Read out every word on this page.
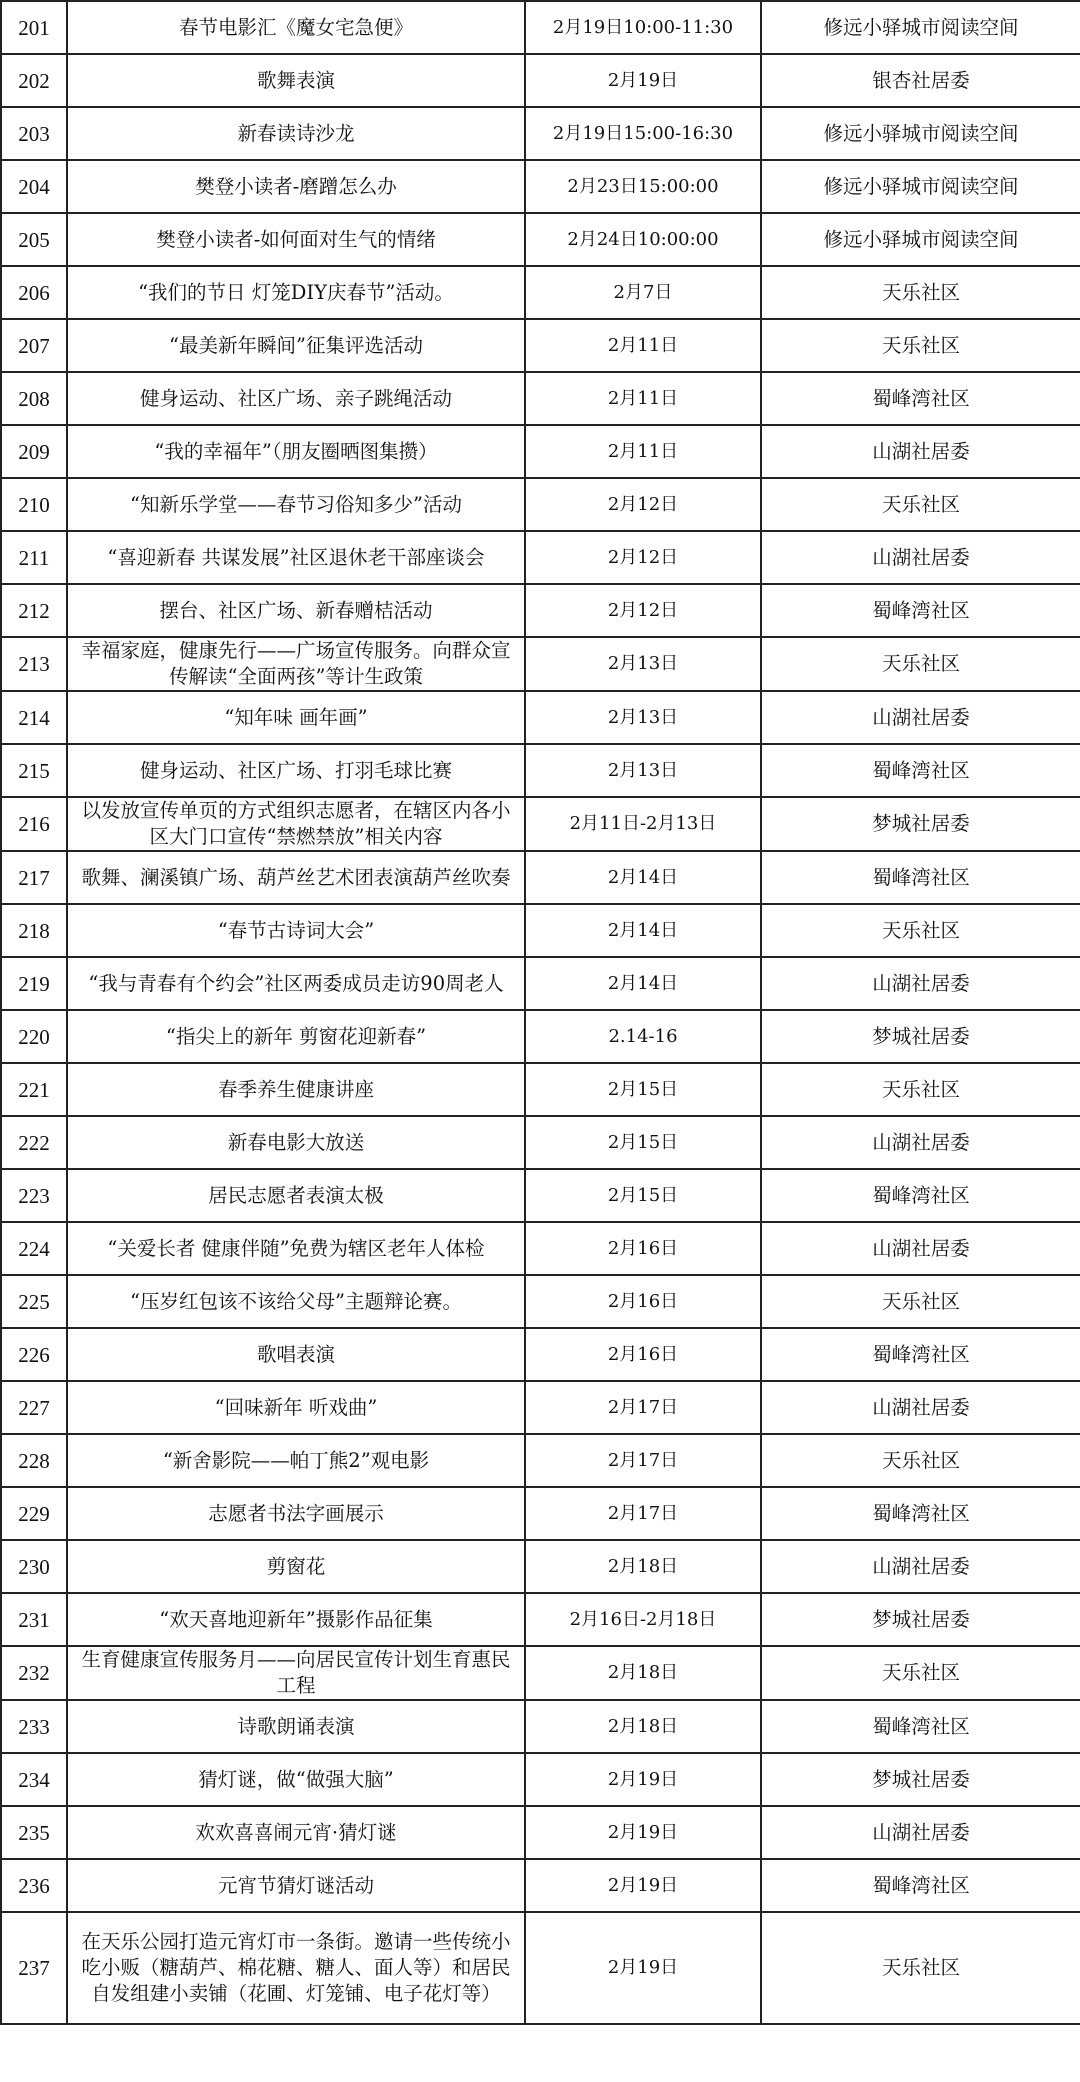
201	春节电影汇《魔女宅急便》	2月19日10:00-11:30	修远小驿城市阅读空间
202	歌舞表演	2月19日	银杏社居委
203	新春读诗沙龙	2月19日15:00-16:30	修远小驿城市阅读空间
204	樊登小读者-磨蹭怎么办	2月23日15:00:00	修远小驿城市阅读空间
205	樊登小读者-如何面对生气的情绪	2月24日10:00:00	修远小驿城市阅读空间
206	“我们的节日 灯笼DIY庆春节”活动。	2月7日	天乐社区
207	“最美新年瞬间”征集评选活动	2月11日	天乐社区
208	健身运动、社区广场、亲子跳绳活动	2月11日	蜀峰湾社区
209	“我的幸福年”（朋友圈晒图集攒）	2月11日	山湖社居委
210	“知新乐学堂——春节习俗知多少”活动	2月12日	天乐社区
211	“喜迎新春 共谋发展”社区退休老干部座谈会	2月12日	山湖社居委
212	摆台、社区广场、新春赠桔活动	2月12日	蜀峰湾社区
213	幸福家庭，健康先行——广场宣传服务。向群众宣传解读“全面两孩”等计生政策	2月13日	天乐社区
214	“知年味 画年画”	2月13日	山湖社居委
215	健身运动、社区广场、打羽毛球比赛	2月13日	蜀峰湾社区
216	以发放宣传单页的方式组织志愿者，在辖区内各小区大门口宣传“禁燃禁放”相关内容	2月11日-2月13日	梦城社居委
217	歌舞、澜溪镇广场、葫芦丝艺术团表演葫芦丝吹奏	2月14日	蜀峰湾社区
218	“春节古诗词大会”	2月14日	天乐社区
219	“我与青春有个约会”社区两委成员走访90周老人	2月14日	山湖社居委
220	“指尖上的新年 剪窗花迎新春”	2.14-16	梦城社居委
221	春季养生健康讲座	2月15日	天乐社区
222	新春电影大放送	2月15日	山湖社居委
223	居民志愿者表演太极	2月15日	蜀峰湾社区
224	“关爱长者 健康伴随”免费为辖区老年人体检	2月16日	山湖社居委
225	“压岁红包该不该给父母”主题辩论赛。	2月16日	天乐社区
226	歌唱表演	2月16日	蜀峰湾社区
227	“回味新年 听戏曲”	2月17日	山湖社居委
228	“新舍影院——帕丁熊2”观电影	2月17日	天乐社区
229	志愿者书法字画展示	2月17日	蜀峰湾社区
230	剪窗花	2月18日	山湖社居委
231	“欢天喜地迎新年”摄影作品征集	2月16日-2月18日	梦城社居委
232	生育健康宣传服务月——向居民宣传计划生育惠民工程	2月18日	天乐社区
233	诗歌朗诵表演	2月18日	蜀峰湾社区
234	猜灯谜，做“做强大脑”	2月19日	梦城社居委
235	欢欢喜喜闹元宵·猜灯谜	2月19日	山湖社居委
236	元宵节猜灯谜活动	2月19日	蜀峰湾社区
237	在天乐公园打造元宵灯市一条街。邀请一些传统小吃小贩（糖葫芦、棉花糖、糖人、面人等）和居民自发组建小卖铺（花圃、灯笼铺、电子花灯等）	2月19日	天乐社区
